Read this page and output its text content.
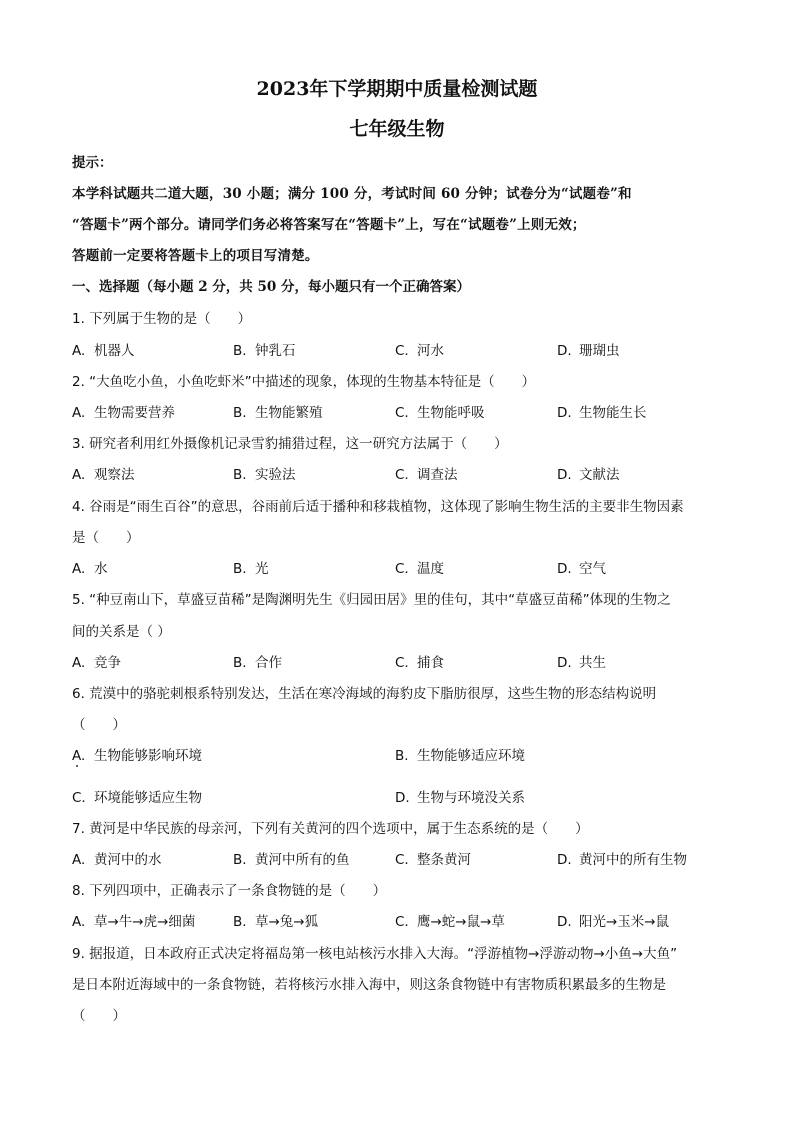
2023年下学期期中质量检测试题
七年级生物
提示：
本学科试题共二道大题，30 小题；满分 100 分，考试时间 60 分钟；试卷分为“试题卷”和
“答题卡”两个部分。请同学们务必将答案写在“答题卡”上，写在“试题卷”上则无效；
答题前一定要将答题卡上的项目写清楚。
一、选择题（每小题 2 分，共 50 分，每小题只有一个正确答案）
1. 下列属于生物的是（　　）
A. 机器人	B. 钟乳石	C. 河水	D. 珊瑚虫
2. “大鱼吃小鱼，小鱼吃虾米”中描述的现象，体现的生物基本特征是（　　）
A. 生物需要营养	B. 生物能繁殖	C. 生物能呼吸	D. 生物能生长
3. 研究者利用红外摄像机记录雪豹捕猎过程，这一研究方法属于（　　）
A. 观察法	B. 实验法	C. 调查法	D. 文献法
4. 谷雨是“雨生百谷”的意思，谷雨前后适于播种和移栽植物，这体现了影响生物生活的主要非生物因素
是（　　）
A. 水	B. 光	C. 温度	D. 空气
5. “种豆南山下，草盛豆苗稀”是陶渊明先生《归园田居》里的佳句，其中“草盛豆苗稀”体现的生物之
间的关系是（ ）
A. 竞争	B. 合作	C. 捕食	D. 共生
6. 荒漠中的骆驼刺根系特别发达，生活在寒冷海域的海豹皮下脂肪很厚，这些生物的形态结构说明
（　　）
A. 生物能够影响环境	B. 生物能够适应环境
C. 环境能够适应生物	D. 生物与环境没关系
7. 黄河是中华民族的母亲河，下列有关黄河的四个选项中，属于生态系统的是（　　）
A. 黄河中的水	B. 黄河中所有的鱼	C. 整条黄河	D. 黄河中的所有生物
8. 下列四项中，正确表示了一条食物链的是（　　）
A. 草→牛→虎→细菌	B. 草→兔→狐	C. 鹰→蛇→鼠→草	D. 阳光→玉米→鼠
9. 据报道，日本政府正式决定将福岛第一核电站核污水排入大海。“浮游植物→浮游动物→小鱼→大鱼”
是日本附近海域中的一条食物链，若将核污水排入海中，则这条食物链中有害物质积累最多的生物是
（　　）
